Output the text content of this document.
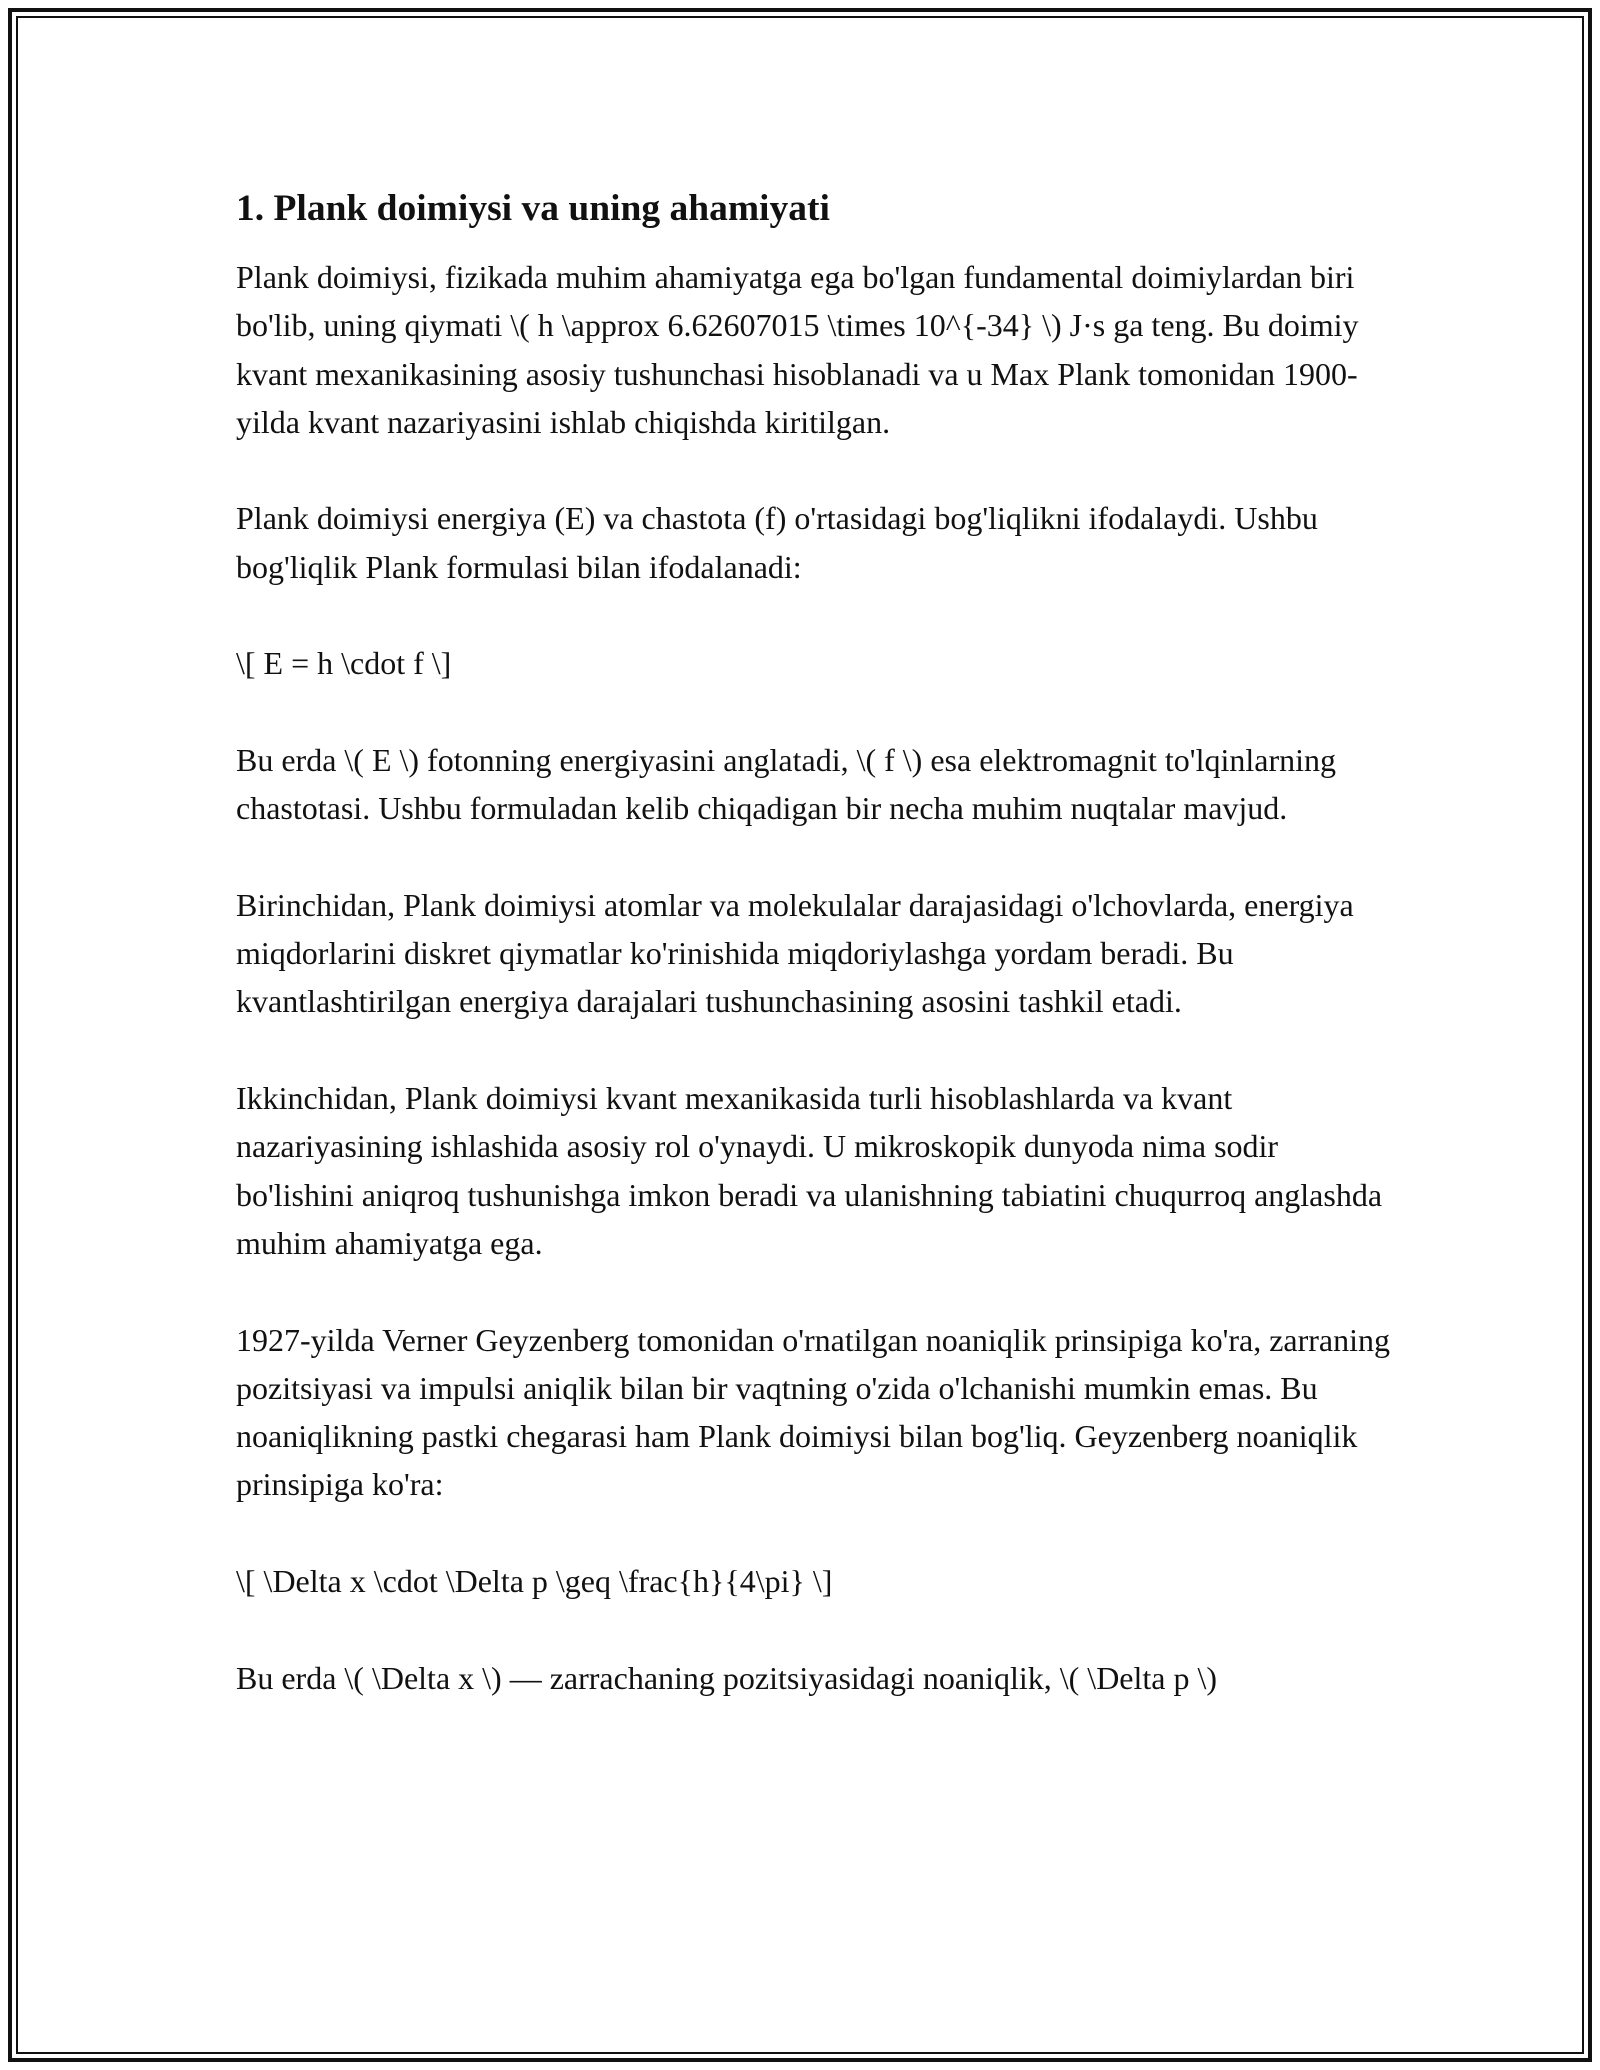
1. Plank doimiysi va uning ahamiyati

Plank doimiysi, fizikada muhim ahamiyatga ega bo'lgan fundamental doimiylardan biri bo'lib, uning qiymati \( h \approx 6.62607015 \times 10^{-34} \) J·s ga teng. Bu doimiy kvant mexanikasining asosiy tushunchasi hisoblanadi va u Max Plank tomonidan 1900-yilda kvant nazariyasini ishlab chiqishda kiritilgan.

Plank doimiysi energiya (E) va chastota (f) o'rtasidagi bog'liqlikni ifodalaydi. Ushbu bog'liqlik Plank formulasi bilan ifodalanadi:

\[ E = h \cdot f \]

Bu erda \( E \) fotonning energiyasini anglatadi, \( f \) esa elektromagnit to'lqinlarning chastotasi. Ushbu formuladan kelib chiqadigan bir necha muhim nuqtalar mavjud.

Birinchidan, Plank doimiysi atomlar va molekulalar darajasidagi o'lchovlarda, energiya miqdorlarini diskret qiymatlar ko'rinishida miqdoriylashga yordam beradi. Bu kvantlashtirilgan energiya darajalari tushunchasining asosini tashkil etadi.

Ikkinchidan, Plank doimiysi kvant mexanikasida turli hisoblashlarda va kvant nazariyasining ishlashida asosiy rol o'ynaydi. U mikroskopik dunyoda nima sodir bo'lishini aniqroq tushunishga imkon beradi va ulanishning tabiatini chuqurroq anglashda muhim ahamiyatga ega.

1927-yilda Verner Geyzenberg tomonidan o'rnatilgan noaniqlik prinsipiga ko'ra, zarraning pozitsiyasi va impulsi aniqlik bilan bir vaqtning o'zida o'lchanishi mumkin emas. Bu noaniqlikning pastki chegarasi ham Plank doimiysi bilan bog'liq. Geyzenberg noaniqlik prinsipiga ko'ra:

\[ \Delta x \cdot \Delta p \geq \frac{h}{4\pi} \]

Bu erda \( \Delta x \) — zarrachaning pozitsiyasidagi noaniqlik, \( \Delta p \)
